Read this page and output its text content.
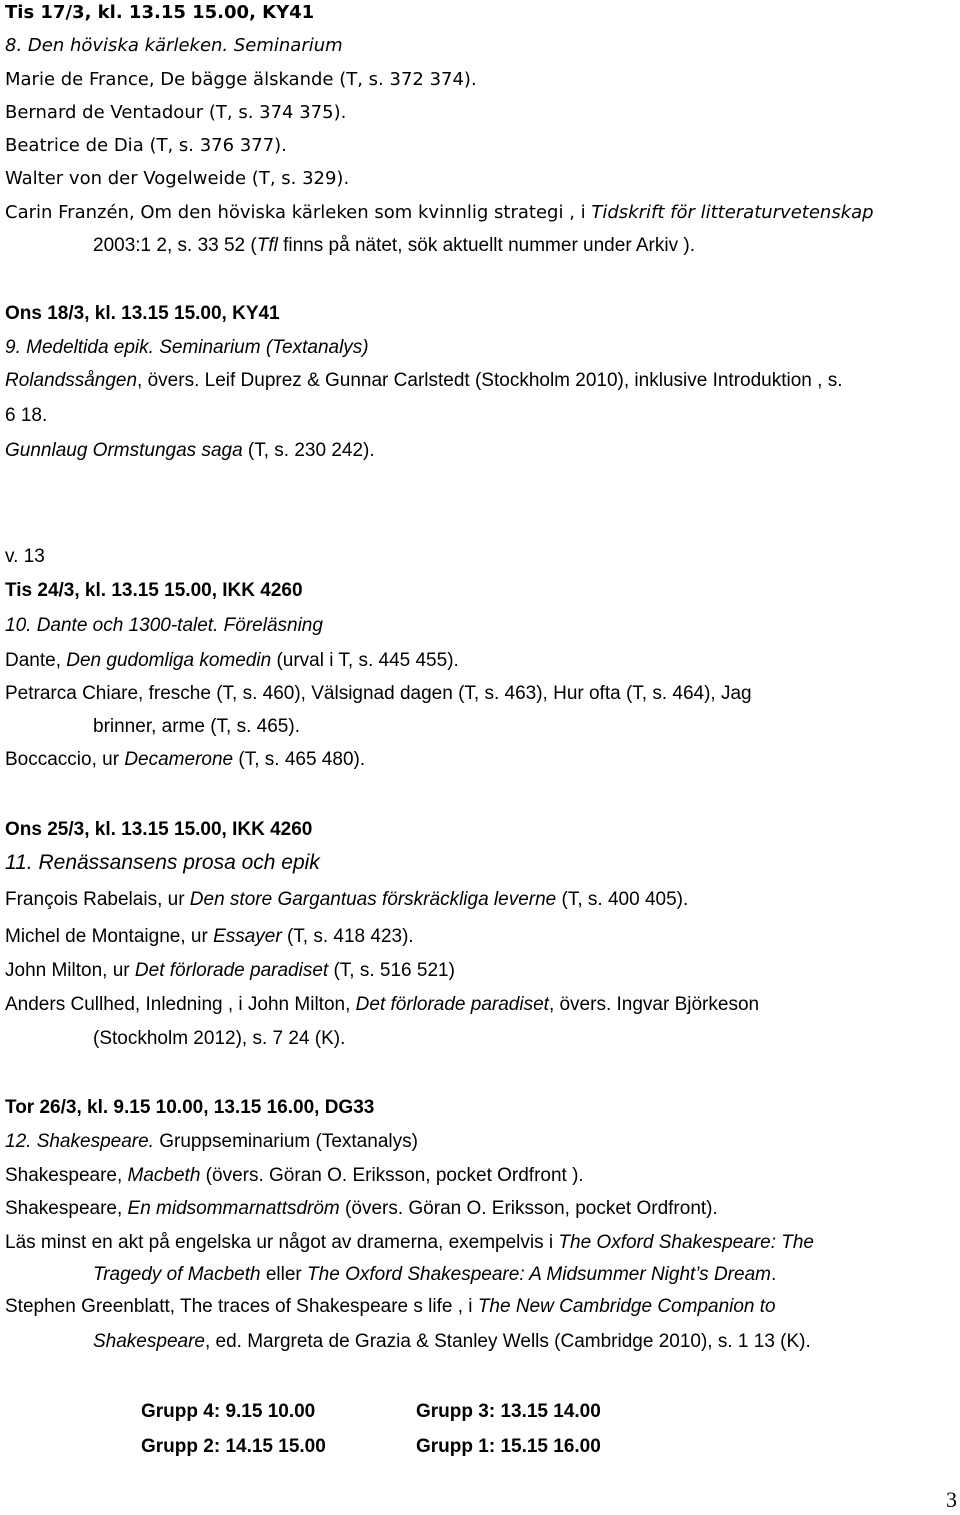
Tis 17/3, kl. 13.15 15.00, KY41
8. Den höviska kärleken. Seminarium
Marie de France, De bägge älskande (T, s. 372 374).
Bernard de Ventadour (T, s. 374 375).
Beatrice de Dia (T, s. 376 377).
Walter von der Vogelweide (T, s. 329).
Carin Franzén, Om den höviska kärleken som kvinnlig strategi , i Tidskrift för litteraturvetenskap
2003:1 2, s. 33 52 (Tfl finns på nätet, sök aktuellt nummer under Arkiv ).
Ons 18/3, kl. 13.15 15.00, KY41
9. Medeltida epik. Seminarium (Textanalys)
Rolandssången, övers. Leif Duprez & Gunnar Carlstedt (Stockholm 2010), inklusive Introduktion , s.
6 18.
Gunnlaug Ormstungas saga (T, s. 230 242).
v. 13
Tis 24/3, kl. 13.15 15.00, IKK 4260
10. Dante och 1300-talet. Föreläsning
Dante, Den gudomliga komedin (urval i T, s. 445 455).
Petrarca Chiare, fresche (T, s. 460), Välsignad dagen (T, s. 463), Hur ofta (T, s. 464), Jag
brinner, arme (T, s. 465).
Boccaccio, ur Decamerone (T, s. 465 480).
Ons 25/3, kl. 13.15 15.00, IKK 4260
11. Renässansens prosa och epik
François Rabelais, ur Den store Gargantuas förskräckliga leverne (T, s. 400 405).
Michel de Montaigne, ur Essayer (T, s. 418 423).
John Milton, ur Det förlorade paradiset (T, s. 516 521)
Anders Cullhed, Inledning , i John Milton, Det förlorade paradiset, övers. Ingvar Björkeson
(Stockholm 2012), s. 7 24 (K).
Tor 26/3, kl. 9.15 10.00, 13.15 16.00, DG33
12. Shakespeare. Gruppseminarium (Textanalys)
Shakespeare, Macbeth (övers. Göran O. Eriksson, pocket Ordfront ).
Shakespeare, En midsommarnattsdröm (övers. Göran O. Eriksson, pocket Ordfront).
Läs minst en akt på engelska ur något av dramerna, exempelvis i The Oxford Shakespeare: The
Tragedy of Macbeth eller The Oxford Shakespeare: A Midsummer Night’s Dream.
Stephen Greenblatt, The traces of Shakespeare s life , i The New Cambridge Companion to
Shakespeare, ed. Margreta de Grazia & Stanley Wells (Cambridge 2010), s. 1 13 (K).
Grupp 4: 9.15 10.00	Grupp 3: 13.15 14.00
Grupp 2: 14.15 15.00	Grupp 1: 15.15 16.00
3
